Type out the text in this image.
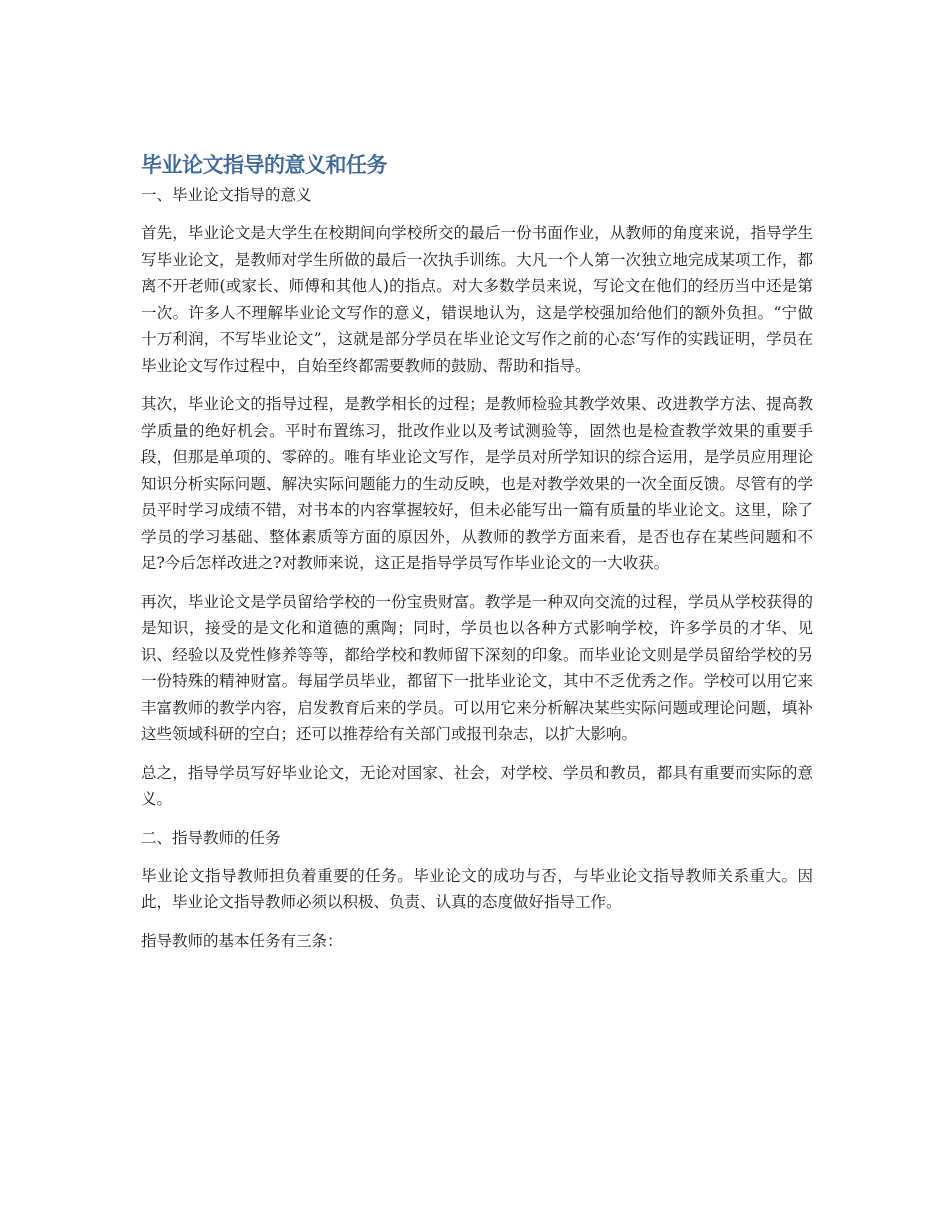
毕业论文指导的意义和任务

一、毕业论文指导的意义

首先，毕业论文是大学生在校期间向学校所交的最后一份书面作业，从教师的角度来说，指导学生写毕业论文，是教师对学生所做的最后一次执手训练。大凡一个人第一次独立地完成某项工作，都离不开老师(或家长、师傅和其他人)的指点。对大多数学员来说，写论文在他们的经历当中还是第一次。许多人不理解毕业论文写作的意义，错误地认为，这是学校强加给他们的额外负担。“宁做十万利润，不写毕业论文”，这就是部分学员在毕业论文写作之前的心态‘写作的实践证明，学员在毕业论文写作过程中，自始至终都需要教师的鼓励、帮助和指导。

其次，毕业论文的指导过程，是教学相长的过程；是教师检验其教学效果、改进教学方法、提高教学质量的绝好机会。平时布置练习，批改作业以及考试测验等，固然也是检查教学效果的重要手段，但那是单项的、零碎的。唯有毕业论文写作，是学员对所学知识的综合运用，是学员应用理论知识分析实际问题、解决实际问题能力的生动反映，也是对教学效果的一次全面反馈。尽管有的学员平时学习成绩不错，对书本的内容掌握较好，但未必能写出一篇有质量的毕业论文。这里，除了学员的学习基础、整体素质等方面的原因外，从教师的教学方面来看，是否也存在某些问题和不足?今后怎样改进之?对教师来说，这正是指导学员写作毕业论文的一大收获。

再次，毕业论文是学员留给学校的一份宝贵财富。教学是一种双向交流的过程，学员从学校获得的是知识，接受的是文化和道德的熏陶；同时，学员也以各种方式影响学校，许多学员的才华、见识、经验以及党性修养等等，都给学校和教师留下深刻的印象。而毕业论文则是学员留给学校的另一份特殊的精神财富。每届学员毕业，都留下一批毕业论文，其中不乏优秀之作。学校可以用它来丰富教师的教学内容，启发教育后来的学员。可以用它来分析解决某些实际问题或理论问题，填补这些领域科研的空白；还可以推荐给有关部门或报刊杂志，以扩大影响。

总之，指导学员写好毕业论文，无论对国家、社会，对学校、学员和教员，都具有重要而实际的意义。

二、指导教师的任务

毕业论文指导教师担负着重要的任务。毕业论文的成功与否，与毕业论文指导教师关系重大。因此，毕业论文指导教师必须以积极、负责、认真的态度做好指导工作。

指导教师的基本任务有三条：
